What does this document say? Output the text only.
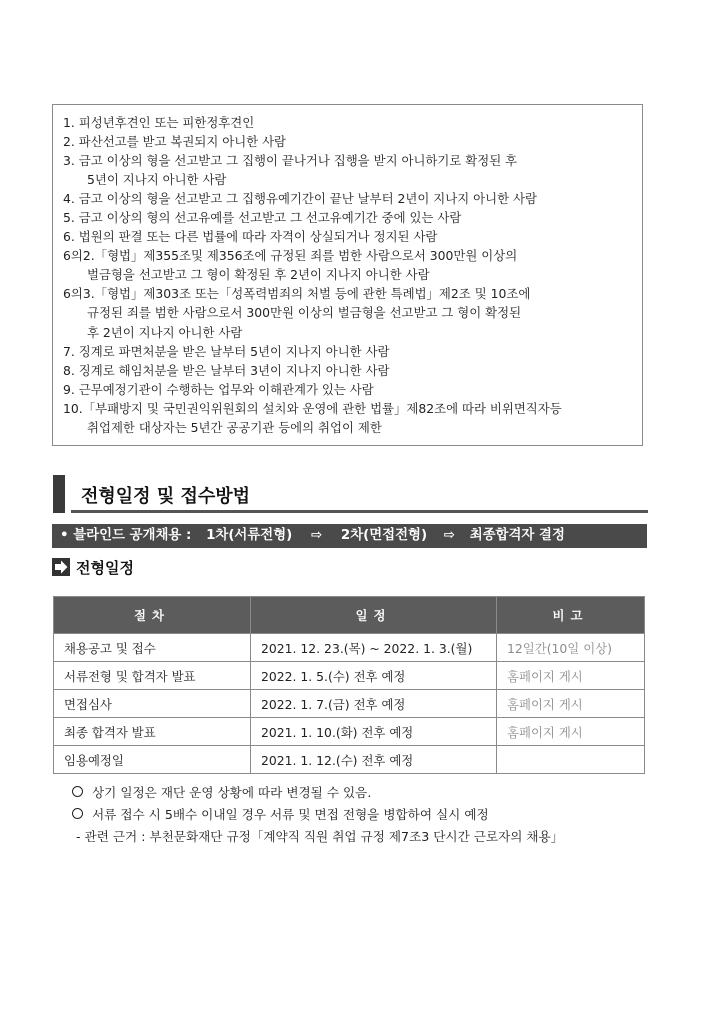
1. 피성년후견인 또는 피한정후견인
2. 파산선고를 받고 복권되지 아니한 사람
3. 금고 이상의 형을 선고받고 그 집행이 끝나거나 집행을 받지 아니하기로 확정된 후
5년이 지나지 아니한 사람
4. 금고 이상의 형을 선고받고 그 집행유예기간이 끝난 날부터 2년이 지나지 아니한 사람
5. 금고 이상의 형의 선고유예를 선고받고 그 선고유예기간 중에 있는 사람
6. 법원의 판결 또는 다른 법률에 따라 자격이 상실되거나 정지된 사람
6의2.「형법」제355조및 제356조에 규정된 죄를 범한 사람으로서 300만원 이상의
벌금형을 선고받고 그 형이 확정된 후 2년이 지나지 아니한 사람
6의3.「형법」제303조 또는「성폭력범죄의 처벌 등에 관한 특례법」제2조 및 10조에
규정된 죄를 범한 사람으로서 300만원 이상의 벌금형을 선고받고 그 형이 확정된
후 2년이 지나지 아니한 사람
7. 징계로 파면처분을 받은 날부터 5년이 지나지 아니한 사람
8. 징계로 해임처분을 받은 날부터 3년이 지나지 아니한 사람
9. 근무예정기관이 수행하는 업무와 이해관계가 있는 사람
10.「부패방지 및 국민권익위원회의 설치와 운영에 관한 법률」제82조에 따라 비위면직자등
취업제한 대상자는 5년간 공공기관 등에의 취업이 제한
전형일정 및 접수방법
• 블라인드 공개채용 : 1차(서류전형) ⇨ 2차(면접전형) ⇨ 최종합격자 결정
전형일정
절차	일정	비고
채용공고 및 접수	2021. 12. 23.(목) ~ 2022. 1. 3.(월)	12일간(10일 이상)
서류전형 및 합격자 발표	2022. 1. 5.(수) 전후 예정	홈페이지 게시
면접심사	2022. 1. 7.(금) 전후 예정	홈페이지 게시
최종 합격자 발표	2021. 1. 10.(화) 전후 예정	홈페이지 게시
임용예정일	2021. 1. 12.(수) 전후 예정	
상기 일정은 재단 운영 상황에 따라 변경될 수 있음.
서류 접수 시 5배수 이내일 경우 서류 및 면접 전형을 병합하여 실시 예정
- 관련 근거 : 부천문화재단 규정「계약직 직원 취업 규정 제7조3 단시간 근로자의 채용」
